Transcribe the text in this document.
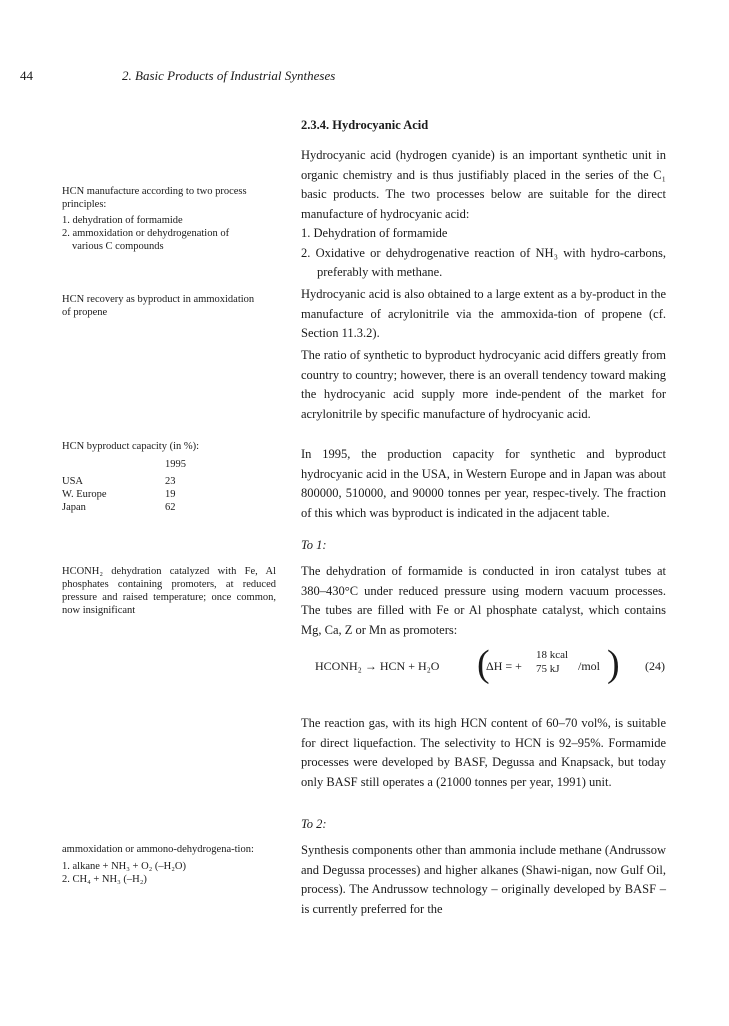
44	2. Basic Products of Industrial Syntheses
2.3.4. Hydrocyanic Acid

HCN manufacture according to two process principles:

1. dehydration of formamide

2. ammoxidation or dehydrogenation of

various C compounds

HCN recovery as byproduct in ammoxidation of propene

HCN byproduct capacity (in %):

	1995

USA	23
W. Europe	19
Japan	62

HCONH₂ dehydration catalyzed with Fe, Al phosphates containing promoters, at reduced pressure and raised temperature; once common, now insignificant

ammoxidation or ammono-dehydrogena-tion:

1. alkane + NH₃ + O₂ (–H₂O)

2. CH₄ + NH₃ (–H₂)

Hydrocyanic acid (hydrogen cyanide) is an important synthetic unit in organic chemistry and is thus justifiably placed in the series of the C₁ basic products. The two processes below are suitable for the direct manufacture of hydrocyanic acid:

1. Dehydration of formamide

2. Oxidative or dehydrogenative reaction of NH₃ with hydro-carbons, preferably with methane.

Hydrocyanic acid is also obtained to a large extent as a by-product in the manufacture of acrylonitrile via the ammoxida-tion of propene (cf. Section 11.3.2).

The ratio of synthetic to byproduct hydrocyanic acid differs greatly from country to country; however, there is an overall tendency toward making the hydrocyanic acid supply more inde-pendent of the market for acrylonitrile by specific manufacture of hydrocyanic acid.

In 1995, the production capacity for synthetic and byproduct hydrocyanic acid in the USA, in Western Europe and in Japan was about 800000, 510000, and 90000 tonnes per year, respec-tively. The fraction of this which was byproduct is indicated in the adjacent table.

To 1:

The dehydration of formamide is conducted in iron catalyst tubes at 380–430°C under reduced pressure using modern vacuum processes. The tubes are filled with Fe or Al phosphate catalyst, which contains Mg, Ca, Z or Mn as promoters:

HCONH₂ → HCN + H₂O (
ΔH = +
18 kcal
75 kJ	/mol ) (24)

The reaction gas, with its high HCN content of 60–70 vol%, is suitable for direct liquefaction. The selectivity to HCN is 92–95%. Formamide processes were developed by BASF, Degussa and Knapsack, but today only BASF still operates a (21000 tonnes per year, 1991) unit.

To 2:

Synthesis components other than ammonia include methane (Andrussow and Degussa processes) and higher alkanes (Shawi-nigan, now Gulf Oil, process). The Andrussow technology – originally developed by BASF – is currently preferred for the
